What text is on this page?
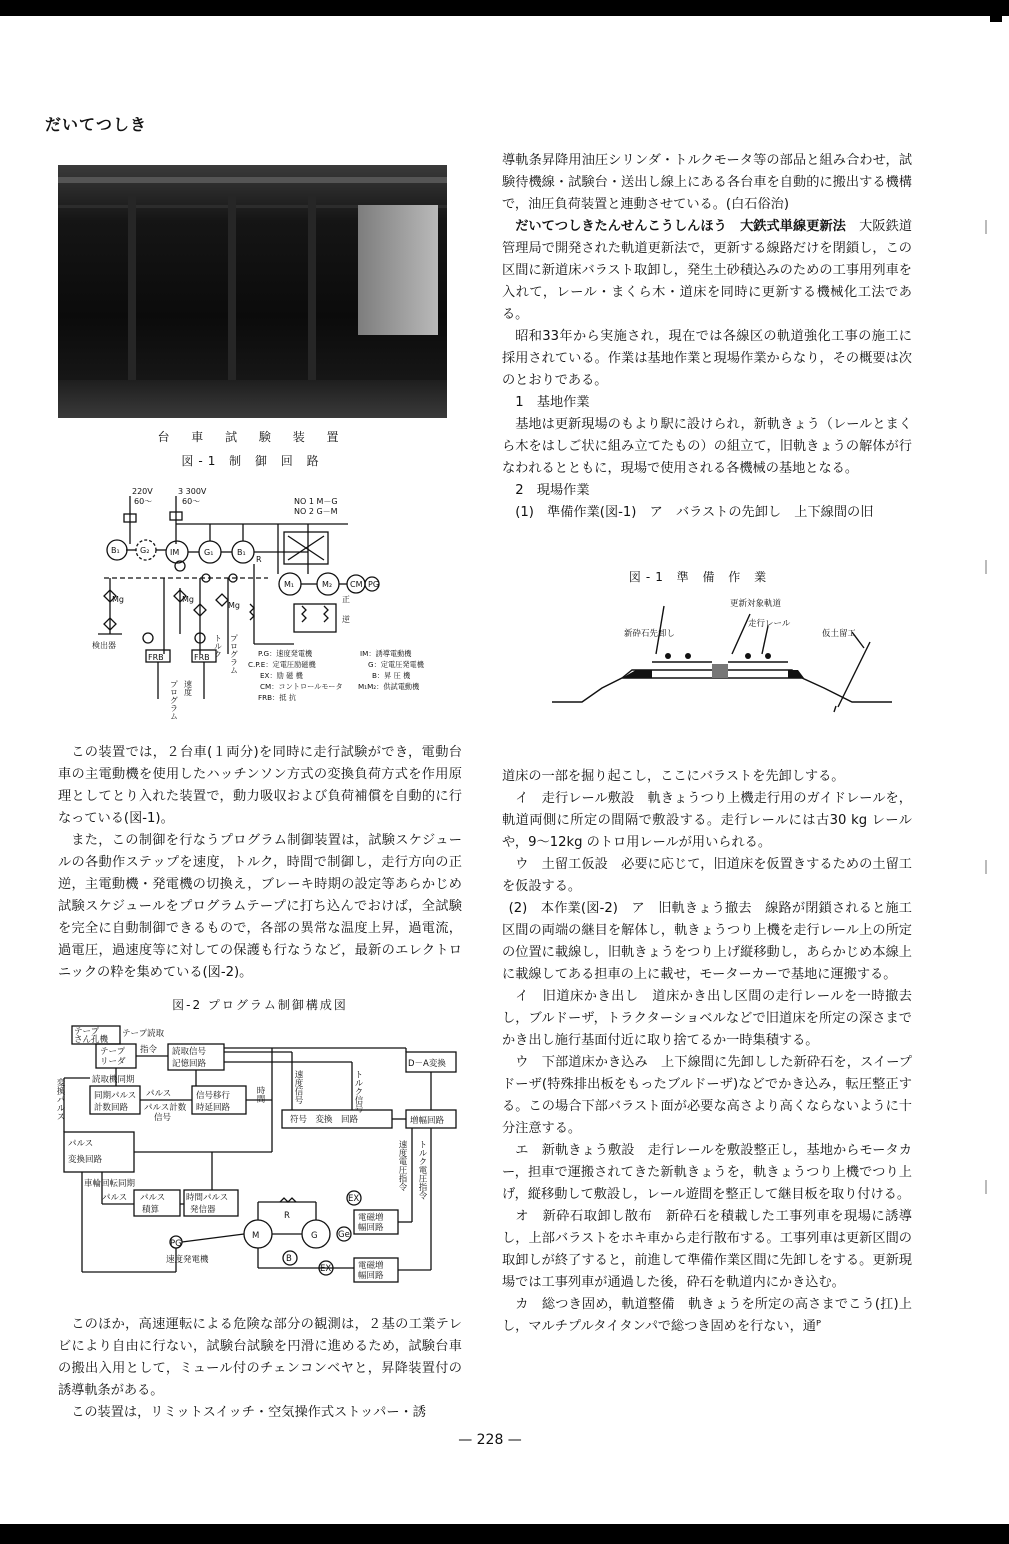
だいてつしき
台 車 試 験 装 置
図-1 制 御 回 路
220V
60〜
3 300V
60〜	NO 1 M－G
NO 2 G－M
B₁	G₂	IM	G₁	B₁
R
M₁	M₂ CM PG
正
逆
Mg	Mg
Mg
検出器
FRB	FRB
プログラム 速度
トルク プログラム	P.G：速度発電機	IM：誘導電動機
C.P.E：定電圧励磁機	G：定電圧発電機
EX：励 磁 機	B：昇 圧 機
CM：コントロールモータ M₁M₂：供試電動機
FRB：抵 抗

この装置では，２台車(１両分)を同時に走行試験ができ，電動台車の主電動機を使用したハッチンソン方式の変換負荷方式を作用原理としてとり入れた装置で，動力吸収および負荷補償を自動的に行なっている(図-1)。

また，この制御を行なうプログラム制御装置は，試験スケジュールの各動作ステップを速度，トルク，時間で制御し，走行方向の正逆，主電動機・発電機の切換え，ブレーキ時期の設定等あらかじめ試験スケジュールをプログラムテープに打ち込んでおけば，全試験を完全に自動制御できるもので，各部の異常な温度上昇，過電流，過電圧，過速度等に対しての保護も行なうなど，最新のエレクトロニックの粋を集めている(図-2)。

図-2 プログラム制御構成図
テープ
さん孔機
テープ読取
テープ
リーダ
指令 読取信号
記憶回路
読取機同期
同期パルス
計数回路
パルス
パルス計数
信号
信号移行
時延回路
時間	速度信号	トルク信号
符号　変換　回路
D－A変換
増幅回路
変換パルス
パルス
変換回路
車輪回転同期
パルス パルス
積算
時間パルス
発信器
速度電圧指令 トルク電圧指令
電磁増
幅回路
電磁増
幅回路
PG
速度発電機
M	G Ge
R
B
EX
EX

このほか，高速運転による危険な部分の観測は，２基の工業テレビにより自由に行ない，試験台試験を円滑に進めるため，試験台車の搬出入用として，ミュール付のチェンコンベヤと，昇降装置付の誘導軌条がある。

この装置は，リミットスイッチ・空気操作式ストッパー・誘

導軌条昇降用油圧シリンダ・トルクモータ等の部品と組み合わせ，試験待機線・試験台・送出し線上にある各台車を自動的に搬出する機構で，油圧負荷装置と連動させている。(白石俗治)

だいてつしきたんせんこうしんほう　大鉄式単線更新法　 大阪鉄道管理局で開発された軌道更新法で，更新する線路だけを閉鎖し，この区間に新道床バラスト取卸し，発生土砂積込みのための工事用列車を入れて，レール・まくら木・道床を同時に更新する機械化工法である。

昭和33年から実施され，現在では各線区の軌道強化工事の施工に採用されている。作業は基地作業と現場作業からなり，その概要は次のとおりである。

1　基地作業

基地は更新現場のもより駅に設けられ，新軌きょう（レールとまくら木をはしご状に組み立てたもの）の組立て，旧軌きょうの解体が行なわれるとともに，現場で使用される各機械の基地となる。

2　現場作業

(1)　準備作業(図-1)　ア　バラストの先卸し　上下線間の旧

図-1 準 備 作 業
更新対象軌道
走行レール
新砕石先卸し	仮土留工

道床の一部を掘り起こし，ここにバラストを先卸しする。

イ　走行レール敷設　軌きょうつり上機走行用のガイドレールを，軌道両側に所定の間隔で敷設する。走行レールには古30 kg レールや，9〜12kg のトロ用レールが用いられる。

ウ　土留工仮設　必要に応じて，旧道床を仮置きするための土留工を仮設する。

(2)　本作業(図-2)　ア　旧軌きょう撤去　線路が閉鎖されると施工区間の両端の継目を解体し，軌きょうつり上機を走行レール上の所定の位置に載線し，旧軌きょうをつり上げ縦移動し，あらかじめ本線上に載線してある担車の上に載せ，モーターカーで基地に運搬する。

イ　旧道床かき出し　道床かき出し区間の走行レールを一時撤去し，ブルドーザ，トラクターショベルなどで旧道床を所定の深さまでかき出し施行基面付近に取り捨てるか一時集積する。

ウ　下部道床かき込み　上下線間に先卸しした新砕石を，スイープドーザ(特殊排出板をもったブルドーザ)などでかき込み，転圧整正する。この場合下部バラスト面が必要な高さより高くならないように十分注意する。

エ　新軌きょう敷設　走行レールを敷設整正し，基地からモータカー，担車で運搬されてきた新軌きょうを，軌きょうつり上機でつり上げ，縦移動して敷設し，レール遊間を整正して継目板を取り付ける。

オ　新砕石取卸し散布　新砕石を積載した工事列車を現場に誘導し，上部バラストをホキ車から走行散布する。工事列車は更新区間の取卸しが終了すると，前進して準備作業区間に先卸しをする。更新現場では工事列車が通過した後，砕石を軌道内にかき込む。

カ　総つき固め，軌道整備　軌きょうを所定の高さまでこう(扛)上し，マルチプルタイタンパで総つき固めを行ない，通ᴾ

— 228 —
